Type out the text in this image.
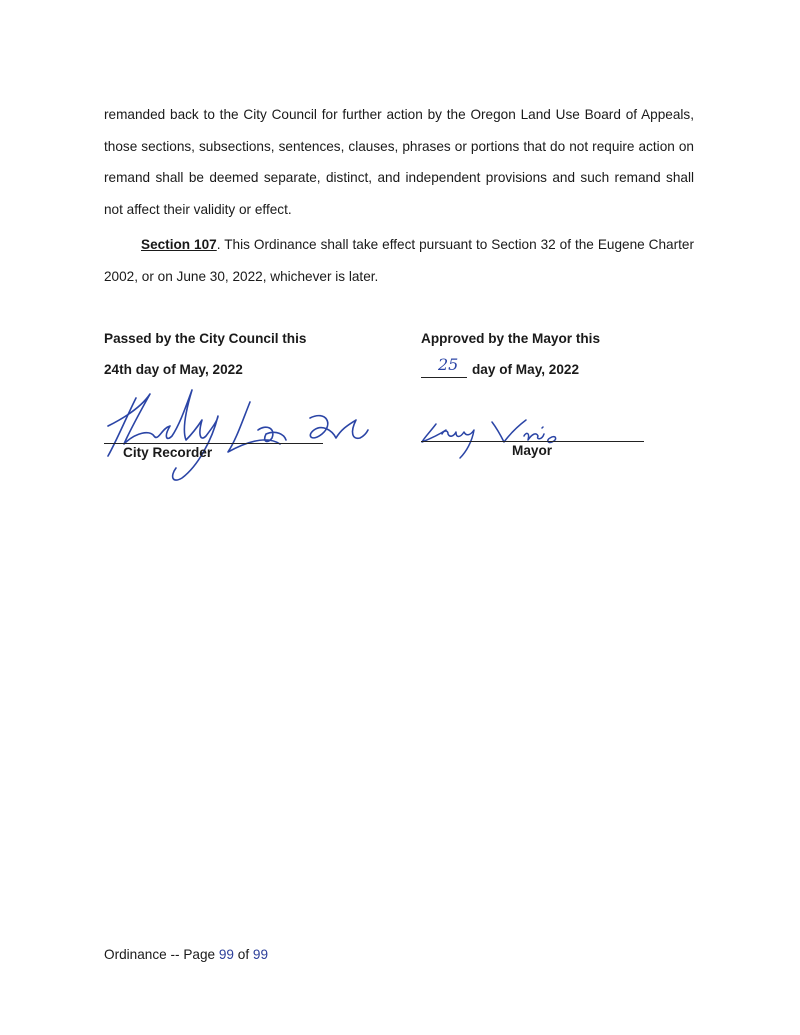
remanded back to the City Council for further action by the Oregon Land Use Board of Appeals, those sections, subsections, sentences, clauses, phrases or portions that do not require action on remand shall be deemed separate, distinct, and independent provisions and such remand shall not affect their validity or effect.
Section 107. This Ordinance shall take effect pursuant to Section 32 of the Eugene Charter 2002, or on June 30, 2022, whichever is later.
Passed by the City Council this
24th day of May, 2022
City Recorder
Approved by the Mayor this
25 day of May, 2022
Mayor
Ordinance -- Page 99 of 99
